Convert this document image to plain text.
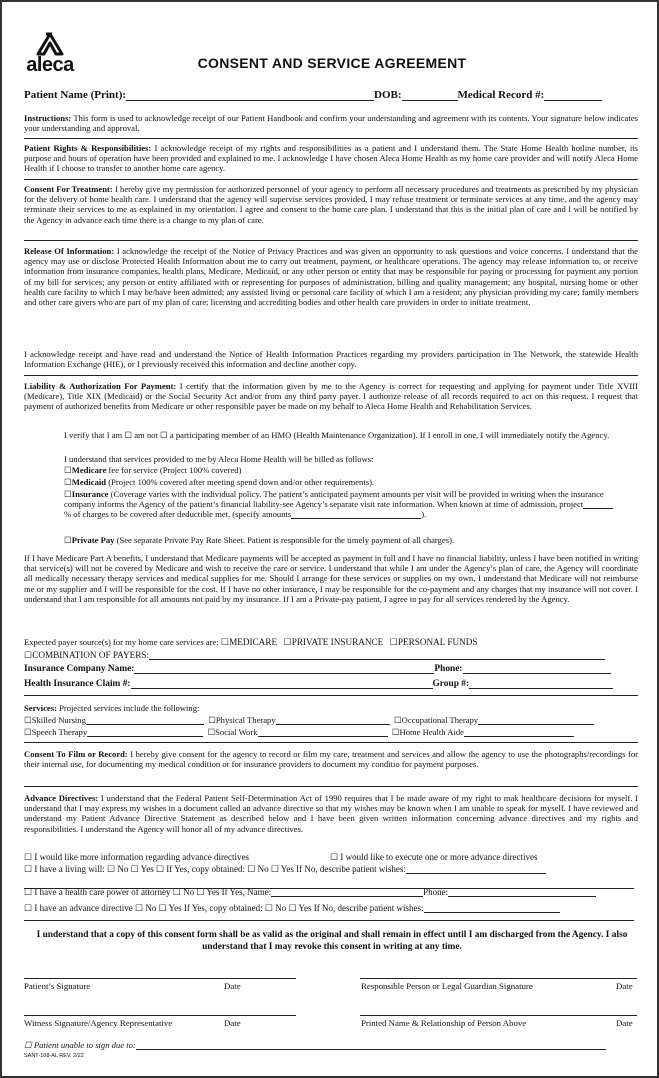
aleca	CONSENT AND SERVICE AGREEMENT
Patient Name (Print):	DOB:	Medical Record #:
Instructions: This form is used to acknowledge receipt of our Patient Handbook and confirm your understanding and agreement with its contents. Your signature below indicates your understanding and approval.
Patient Rights & Responsibilities: I acknowledge receipt of my rights and responsibilities as a patient and I understand them. The State Home Health hotline number, its purpose and hours of operation have been provided and explained to me. I acknowledge I have chosen Aleca Home Health as my home care provider and will notify Aleca Home Health if I choose to transfer to another home care agency.
Consent For Treatment: I hereby give my permission for authorized personnel of your agency to perform all necessary procedures and treatments as prescribed by my physician for the delivery of home health care. I understand that the agency will supervise services provided, I may refuse treatment or terminate services at any time, and the agency may terminate their services to me as explained in my orientation. I agree and consent to the home care plan. I understand that this is the initial plan of care and I will be notified by the Agency in advance each time there is a change to my plan of care.
Release Of Information: I acknowledge the receipt of the Notice of Privacy Practices and was given an opportunity to ask questions and voice concerns. I understand that the agency may use or disclose Protected Health Information about me to carry out treatment, payment, or healthcare operations. The agency may release information to, or receive information from insurance companies, health plans, Medicare, Medicaid, or any other person or entity that may be responsible for paying or processing for payment any portion of my bill for services; any person or entity affiliated with or representing for purposes of administration, billing and quality management; any hospital, nursing home or other health care facility to which I may be/have been admitted; any assisted living or personal care facility of which I am a resident; any physician providing my care; family members and other care givers who are part of my plan of care; licensing and accrediting bodies and other health care providers in order to initiate treatment.
I acknowledge receipt and have read and understand the Notice of Health Information Practices regarding my providers participation in The Network, the statewide Health Information Exchange (HIE), or I previously received this information and decline another copy.
Liability & Authorization For Payment: I certify that the information given by me to the Agency is correct for requesting and applying for payment under Title XVIII (Medicare), Title XIX (Medicaid) or the Social Security Act and/or from any third party payer. I authorize release of all records required to act on this request. I request that payment of authorized benefits from Medicare or other responsible payer be made on my behalf to Aleca Home Health and Rehabilitation Services.
I verify that I am ☐ am not ☐ a participating member of an HMO (Health Maintenance Organization). If I enroll in one, I will immediately notify the Agency.
I understand that services provided to me by Aleca Home Health will be billed as follows:
☐Medicare fee for service (Project 100% covered)
☐Medicaid (Project 100% covered after meeting spend down and/or other requirements).
☐Insurance (Coverage varies with the individual policy. The patient’s anticipated payment amounts per visit will be provided in writing when the insurance company informs the Agency of the patient’s financial liability-see Agency’s separate visit rate information. When known at time of admission, project% of charges to be covered after deductible met. (specify amounts	).
☐Private Pay (See separate Private Pay Rate Sheet. Patient is responsible for the timely payment of all charges).
If I have Medicare Part A benefits, I understand that Medicare payments will be accepted as payment in full and I have no financial liability, unless I have been notified in writing that service(s) will not be covered by Medicare and wish to receive the care or service. I understand that while I am under the Agency’s plan of care, the Agency will coordinate all medically necessary therapy services and medical supplies for me. Should I arrange for these services or supplies on my own, I understand that Medicare will not reimburse me or my supplier and I will be responsible for the cost. If I have no other insurance, I may be responsible for the co-payment and any charges that my insurance will not cover. I understand that I am responsible for all amounts not paid by my insurance. If I am a Private-pay patient, I agree to pay for all services rendered by the Agency.
Expected payer source(s) for my home care services are: ☐MEDICARE ☐PRIVATE INSURANCE ☐PERSONAL FUNDS
☐COMBINATION OF PAYERS:
Insurance Company Name:	Phone:
Health Insurance Claim #:	Group #:
Services: Projected services include the following:
☐Skilled Nursing	☐Physical Therapy	☐Occupational Therapy
☐Speech Therapy	☐Social Work	☐Home Health Aide
Consent To Film or Record: I hereby give consent for the agency to record or film my care, treatment and services and allow the agency to use the photographs/recordings for their internal use, for documenting my medical condition or for insurance providers to document my conditio for payment purposes.
Advance Directives: I understand that the Federal Patient Self-Determination Act of 1990 requires that I be made aware of my right to mak healthcare decisions for myself. I understand that I may express my wishes in a document called an advance directive so that my wishes may be known when I am unable to speak for myself. I have reviewed and understand my Patient Advance Directive Statement as described below and I have been given written information concerning advance directives and my rights and responsibilities. I understand the Agency will honor all of my advance directives.
☐ I would like more information regarding advance directives	☐ I would like to execute one or more advance directives
☐ I have a living will: ☐ No ☐ Yes ☐ If Yes, copy obtained: ☐ No ☐ Yes If No, describe patient wishes:
☐ I have a health care power of attorney ☐ No ☐ Yes If Yes, Name:	Phone:
☐ I have an advance directive ☐ No ☐ Yes If Yes, copy obtained: ☐ No ☐ Yes If No, describe patient wishes:
I understand that a copy of this consent form shall be as valid as the original and shall remain in effect until I am discharged from the Agency. I also understand that I may revoke this consent in writing at any time.
Patient’s Signature	Date	Responsible Person or Legal Guardian Signature	Date
Witness Signature/Agency Representative	Date	Printed Name & Relationship of Person Above	Date
☐ Patient unable to sign due to:
SANT-108-AL REV. 2/22
